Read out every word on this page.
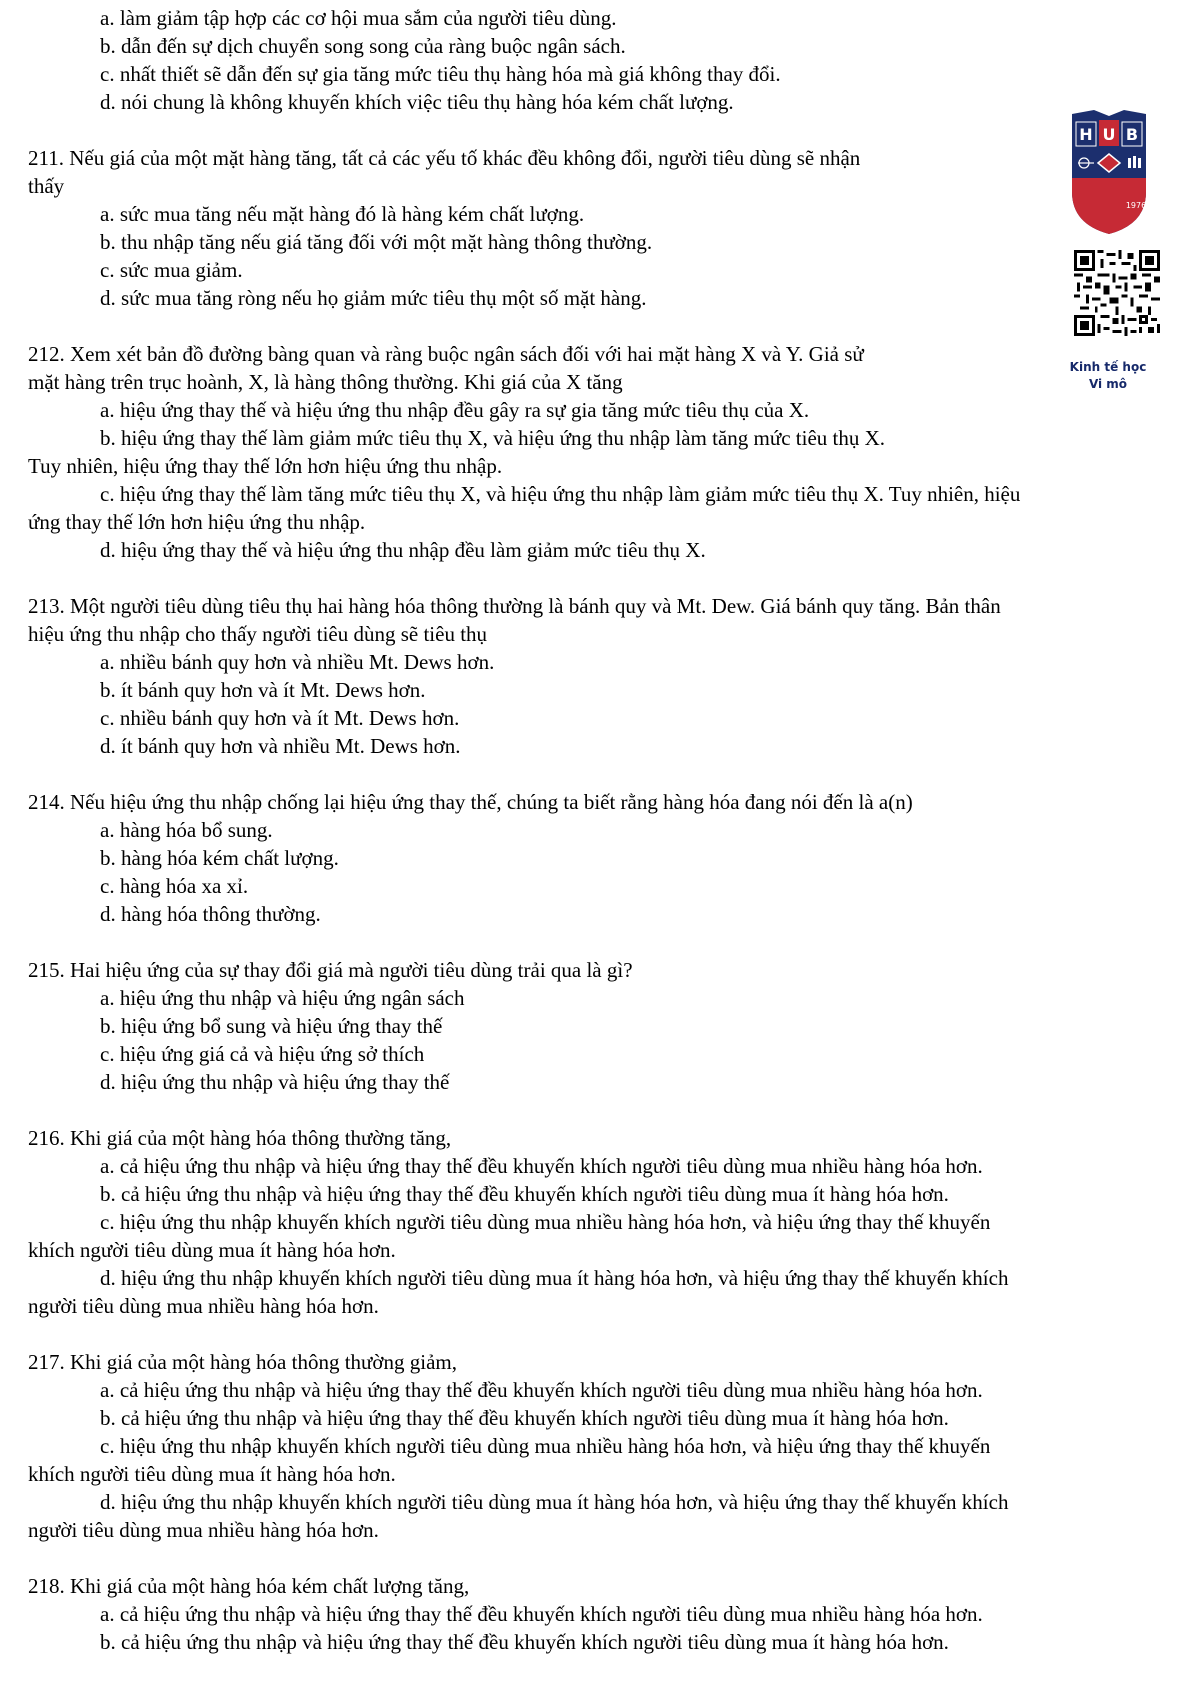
a. làm giảm tập hợp các cơ hội mua sắm của người tiêu dùng.

b. dẫn đến sự dịch chuyển song song của ràng buộc ngân sách.

c. nhất thiết sẽ dẫn đến sự gia tăng mức tiêu thụ hàng hóa mà giá không thay đổi.

d. nói chung là không khuyến khích việc tiêu thụ hàng hóa kém chất lượng.

211. Nếu giá của một mặt hàng tăng, tất cả các yếu tố khác đều không đổi, người tiêu dùng sẽ nhận

thấy

a. sức mua tăng nếu mặt hàng đó là hàng kém chất lượng.

b. thu nhập tăng nếu giá tăng đối với một mặt hàng thông thường.

c. sức mua giảm.

d. sức mua tăng ròng nếu họ giảm mức tiêu thụ một số mặt hàng.

212. Xem xét bản đồ đường bàng quan và ràng buộc ngân sách đối với hai mặt hàng X và Y. Giả sử

mặt hàng trên trục hoành, X, là hàng thông thường. Khi giá của X tăng

a. hiệu ứng thay thế và hiệu ứng thu nhập đều gây ra sự gia tăng mức tiêu thụ của X.

b. hiệu ứng thay thế làm giảm mức tiêu thụ X, và hiệu ứng thu nhập làm tăng mức tiêu thụ X.

Tuy nhiên, hiệu ứng thay thế lớn hơn hiệu ứng thu nhập.

c. hiệu ứng thay thế làm tăng mức tiêu thụ X, và hiệu ứng thu nhập làm giảm mức tiêu thụ X. Tuy nhiên, hiệu

ứng thay thế lớn hơn hiệu ứng thu nhập.

d. hiệu ứng thay thế và hiệu ứng thu nhập đều làm giảm mức tiêu thụ X.

213. Một người tiêu dùng tiêu thụ hai hàng hóa thông thường là bánh quy và Mt. Dew. Giá bánh quy tăng. Bản thân

hiệu ứng thu nhập cho thấy người tiêu dùng sẽ tiêu thụ

a. nhiều bánh quy hơn và nhiều Mt. Dews hơn.

b. ít bánh quy hơn và ít Mt. Dews hơn.

c. nhiều bánh quy hơn và ít Mt. Dews hơn.

d. ít bánh quy hơn và nhiều Mt. Dews hơn.

214. Nếu hiệu ứng thu nhập chống lại hiệu ứng thay thế, chúng ta biết rằng hàng hóa đang nói đến là a(n)

a. hàng hóa bổ sung.

b. hàng hóa kém chất lượng.

c. hàng hóa xa xỉ.

d. hàng hóa thông thường.

215. Hai hiệu ứng của sự thay đổi giá mà người tiêu dùng trải qua là gì?

a. hiệu ứng thu nhập và hiệu ứng ngân sách

b. hiệu ứng bổ sung và hiệu ứng thay thế

c. hiệu ứng giá cả và hiệu ứng sở thích

d. hiệu ứng thu nhập và hiệu ứng thay thế

216. Khi giá của một hàng hóa thông thường tăng,

a. cả hiệu ứng thu nhập và hiệu ứng thay thế đều khuyến khích người tiêu dùng mua nhiều hàng hóa hơn.

b. cả hiệu ứng thu nhập và hiệu ứng thay thế đều khuyến khích người tiêu dùng mua ít hàng hóa hơn.

c. hiệu ứng thu nhập khuyến khích người tiêu dùng mua nhiều hàng hóa hơn, và hiệu ứng thay thế khuyến

khích người tiêu dùng mua ít hàng hóa hơn.

d. hiệu ứng thu nhập khuyến khích người tiêu dùng mua ít hàng hóa hơn, và hiệu ứng thay thế khuyến khích

người tiêu dùng mua nhiều hàng hóa hơn.

217. Khi giá của một hàng hóa thông thường giảm,

a. cả hiệu ứng thu nhập và hiệu ứng thay thế đều khuyến khích người tiêu dùng mua nhiều hàng hóa hơn.

b. cả hiệu ứng thu nhập và hiệu ứng thay thế đều khuyến khích người tiêu dùng mua ít hàng hóa hơn.

c. hiệu ứng thu nhập khuyến khích người tiêu dùng mua nhiều hàng hóa hơn, và hiệu ứng thay thế khuyến

khích người tiêu dùng mua ít hàng hóa hơn.

d. hiệu ứng thu nhập khuyến khích người tiêu dùng mua ít hàng hóa hơn, và hiệu ứng thay thế khuyến khích

người tiêu dùng mua nhiều hàng hóa hơn.

218. Khi giá của một hàng hóa kém chất lượng tăng,

a. cả hiệu ứng thu nhập và hiệu ứng thay thế đều khuyến khích người tiêu dùng mua nhiều hàng hóa hơn.

b. cả hiệu ứng thu nhập và hiệu ứng thay thế đều khuyến khích người tiêu dùng mua ít hàng hóa hơn.

H U B
1976
Kinh tế học
Vi mô
